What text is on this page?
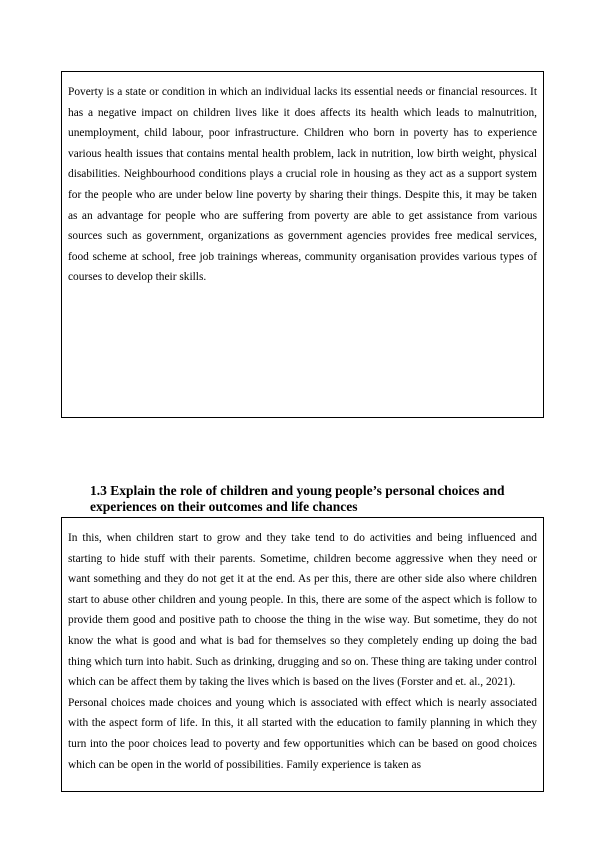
Poverty is a state or condition in which an individual lacks its essential needs or financial resources. It has a negative impact on children lives like it does affects its health which leads to malnutrition, unemployment, child labour, poor infrastructure. Children who born in poverty has to experience various health issues that contains mental health problem, lack in nutrition, low birth weight, physical disabilities. Neighbourhood conditions plays a crucial role in housing as they act as a support system for the people who are under below line poverty by sharing their things. Despite this, it may be taken as an advantage for people who are suffering from poverty are able to get assistance from various sources such as government, organizations as government agencies provides free medical services, food scheme at school, free job trainings whereas, community organisation provides various types of courses to develop their skills.

1.3 Explain the role of children and young people’s personal choices and experiences on their outcomes and life chances

In this, when children start to grow and they take tend to do activities and being influenced and starting to hide stuff with their parents. Sometime, children become aggressive when they need or want something and they do not get it at the end. As per this, there are other side also where children start to abuse other children and young people. In this, there are some of the aspect which is follow to provide them good and positive path to choose the thing in the wise way. But sometime, they do not know the what is good and what is bad for themselves so they completely ending up doing the bad thing which turn into habit. Such as drinking, drugging and so on. These thing are taking under control which can be affect them by taking the lives which is based on the lives (Forster and et. al., 2021).

Personal choices made choices and young which is associated with effect which is nearly associated with the aspect form of life. In this, it all started with the education to family planning in which they turn into the poor choices lead to poverty and few opportunities which can be based on good choices which can be open in the world of possibilities. Family experience is taken as
